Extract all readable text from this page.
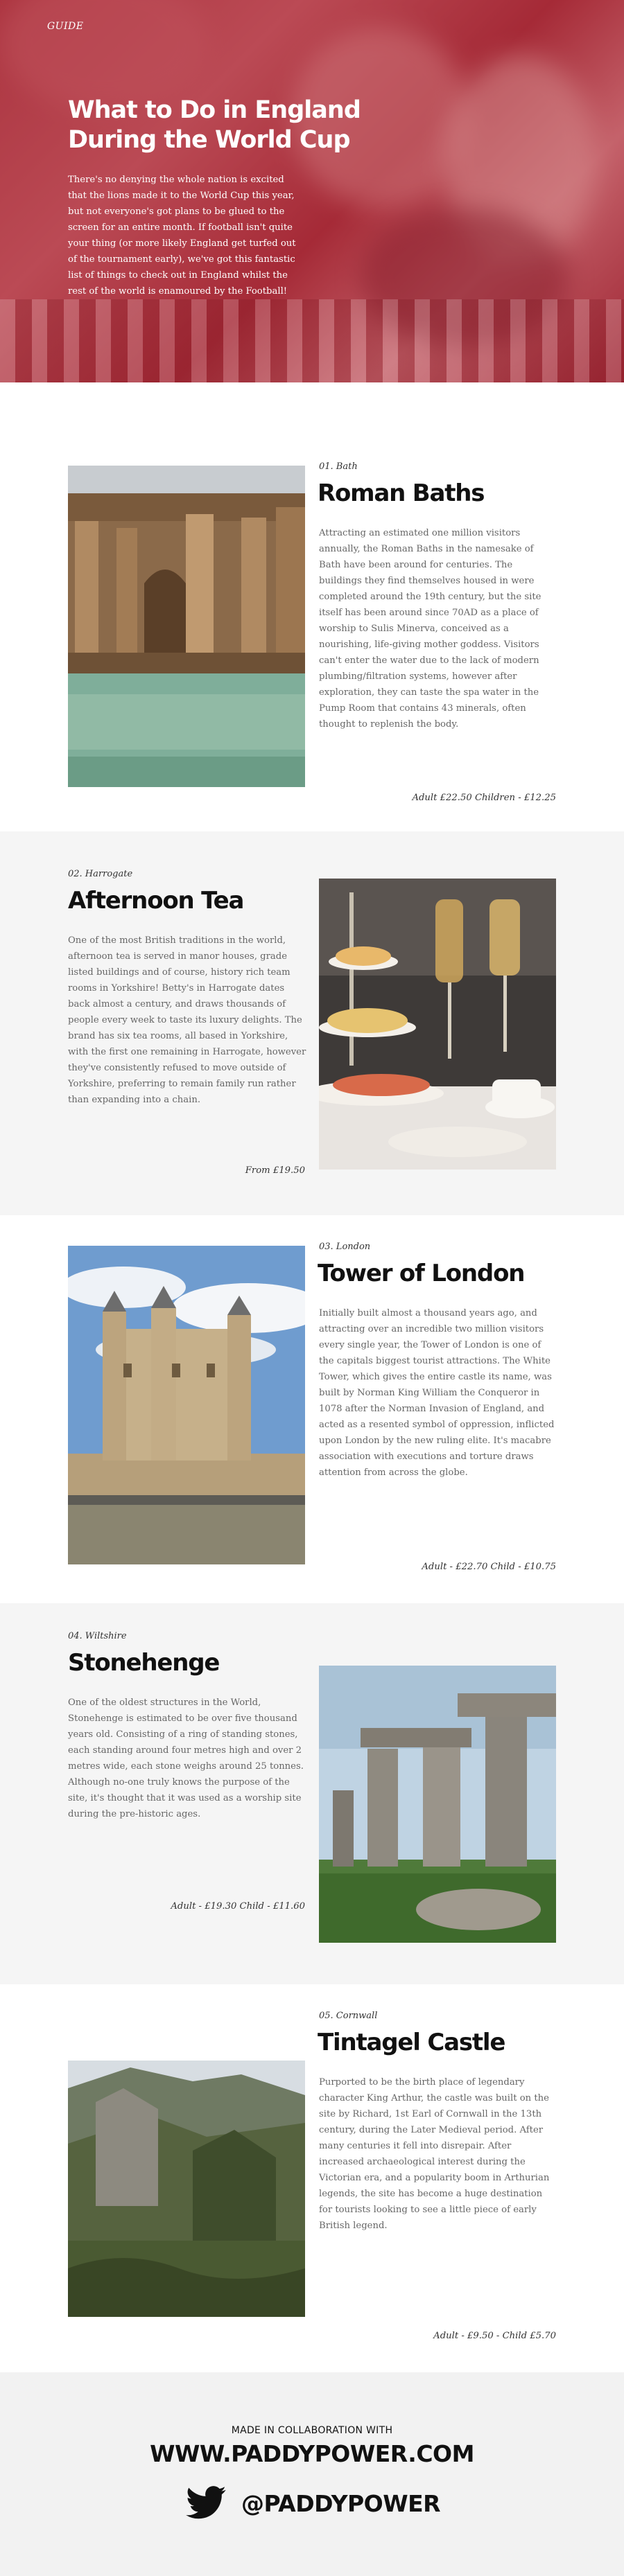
GUIDE
What to Do in England During the World Cup

There's no denying the whole nation is excited that the lions made it to the World Cup this year, but not everyone's got plans to be glued to the screen for an entire month. If football isn't quite your thing (or more likely England get turfed out of the tournament early), we've got this fantastic list of things to check out in England whilst the rest of the world is enamoured by the Football!

01. Bath
Roman Baths
Attracting an estimated one million visitors annually, the Roman Baths in the namesake of Bath have been around for centuries. The buildings they find themselves housed in were completed around the 19th century, but the site itself has been around since 70AD as a place of worship to Sulis Minerva, conceived as a nourishing, life-giving mother goddess. Visitors can't enter the water due to the lack of modern plumbing/filtration systems, however after exploration, they can taste the spa water in the Pump Room that contains 43 minerals, often thought to replenish the body.
Adult £22.50 Children - £12.25
02. Harrogate
Afternoon Tea
One of the most British traditions in the world, afternoon tea is served in manor houses, grade listed buildings and of course, history rich team rooms in Yorkshire! Betty's in Harrogate dates back almost a century, and draws thousands of people every week to taste its luxury delights. The brand has six tea rooms, all based in Yorkshire, with the first one remaining in Harrogate, however they've consistently refused to move outside of Yorkshire, preferring to remain family run rather than expanding into a chain.
From £19.50
03. London
Tower of London
Initially built almost a thousand years ago, and attracting over an incredible two million visitors every single year, the Tower of London is one of the capitals biggest tourist attractions. The White Tower, which gives the entire castle its name, was built by Norman King William the Conqueror in 1078 after the Norman Invasion of England, and acted as a resented symbol of oppression, inflicted upon London by the new ruling elite. It's macabre association with executions and torture draws attention from across the globe.
Adult - £22.70 Child - £10.75
04. Wiltshire
Stonehenge
One of the oldest structures in the World, Stonehenge is estimated to be over five thousand years old. Consisting of a ring of standing stones, each standing around four metres high and over 2 metres wide, each stone weighs around 25 tonnes. Although no-one truly knows the purpose of the site, it's thought that it was used as a worship site during the pre-historic ages.
Adult - £19.30 Child - £11.60
05. Cornwall
Tintagel Castle
Purported to be the birth place of legendary character King Arthur, the castle was built on the site by Richard, 1st Earl of Cornwall in the 13th century, during the Later Medieval period. After many centuries it fell into disrepair. After increased archaeological interest during the Victorian era, and a popularity boom in Arthurian legends, the site has become a huge destination for tourists looking to see a little piece of early British legend.
Adult - £9.50 - Child £5.70
MADE IN COLLABORATION WITH
WWW.PADDYPOWER.COM
@PADDYPOWER
